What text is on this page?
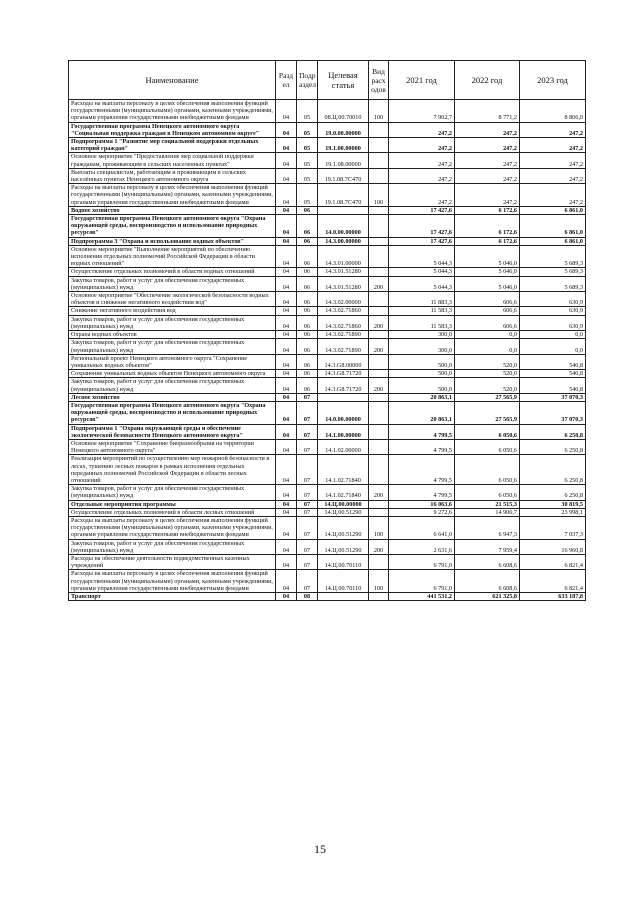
Наименование	Разд ел	Подр аздел	Целевая статья	Вид расх одов	2021 год	2022 год	2023 год
Расходы на выплаты персоналу в целях обеспечения выполнения функций государственными (муниципальными) органами, казенными учреждениями, органами управления государственными внебюджетными фондами	04	05	08.Ц.00.70010	100	7 902,7	8 771,2	8 806,0
Государственная программа Ненецкого автономного округа "Социальная поддержка граждан в Ненецком автономном округе"	04	05	19.0.00.00000		247,2	247,2	247,2
Подпрограмма 1 "Развитие мер социальной поддержки отдельных категорий граждан"	04	05	19.1.00.00000		247,2	247,2	247,2
Основное мероприятие "Предоставление мер социальной поддержки гражданам, проживающим в сельских населенных пунктах"	04	05	19.1.08.00000		247,2	247,2	247,2
Выплаты специалистам, работающим и проживающим в сельских населённых пунктах Ненецкого автономного округа	04	05	19.1.08.7С470		247,2	247,2	247,2
Расходы на выплаты персоналу в целях обеспечения выполнения функций государственными (муниципальными) органами, казенными учреждениями, органами управления государственными внебюджетными фондами	04	05	19.1.08.7С470	100	247,2	247,2	247,2
Водное хозяйство	04	06			17 427,6	6 172,6	6 861,0
Государственная программа Ненецкого автономного округа "Охрана окружающей среды, воспроизводство и использование природных ресурсов"	04	06	14.0.00.00000		17 427,6	6 172,6	6 861,0
Подпрограмма 3 "Охрана и использование водных объектов"	04	06	14.3.00.00000		17 427,6	6 172,6	6 861,0
Основное мероприятие "Выполнение мероприятий по обеспечению исполнения отдельных полномочий Российской Федерации в области водных отношений"	04	06	14.3.01.00000		5 044,3	5 046,0	5 689,3
Осуществление отдельных полномочий в области водных отношений	04	06	14.3.01.51280		5 044,3	5 046,0	5 689,3
Закупка товаров, работ и услуг для обеспечения государственных (муниципальных) нужд	04	06	14.3.01.51280	200	5 044,3	5 046,0	5 689,3
Основное мероприятие "Обеспечение экологической безопасности водных объектов и снижение негативного воздействия вод"	04	06	14.3.02.00000		11 883,3	606,6	630,9
Снижение негативного воздействия вод	04	06	14.3.02.71860		11 583,3	606,6	630,9
Закупка товаров, работ и услуг для обеспечения государственных (муниципальных) нужд	04	06	14.3.02.71860	200	11 583,3	606,6	630,9
Охрана водных объектов	04	06	14.3.02.71890		300,0	0,0	0,0
Закупка товаров, работ и услуг для обеспечения государственных (муниципальных) нужд	04	06	14.3.02.71890	200	300,0	0,0	0,0
Региональный проект Ненецкого автономного округа "Сохранение уникальных водных объектов"	04	06	14.3.G8.00000		500,0	520,0	540,8
Сохранение уникальных водных объектов Ненецкого автономного округа	04	06	14.3.G8.71720		500,0	520,0	540,8
Закупка товаров, работ и услуг для обеспечения государственных (муниципальных) нужд	04	06	14.3.G8.71720	200	500,0	520,0	540,8
Лесное хозяйство	04	07			20 863,1	27 565,9	37 070,3
Государственная программа Ненецкого автономного округа "Охрана окружающей среды, воспроизводство и использование природных ресурсов"	04	07	14.0.00.00000		20 863,1	27 565,9	37 070,3
Подпрограмма 1 "Охрана окружающей среды и обеспечение экологической безопасности Ненецкого автономного округа"	04	07	14.1.00.00000		4 799,5	6 050,6	6 250,8
Основное мероприятие "Сохранение биоразнообразия на территории Ненецкого автономного округа"	04	07	14.1.02.00000		4 799,5	6 050,6	6 250,8
Реализация мероприятий по осуществлению мер пожарной безопасности в лесах, тушению лесных пожаров в рамках исполнения отдельных переданных полномочий Российской Федерации в области лесных отношений	04	07	14.1.02.71840		4 799,5	6 050,6	6 250,8
Закупка товаров, работ и услуг для обеспечения государственных (муниципальных) нужд	04	07	14.1.02.71840	200	4 799,5	6 050,6	6 250,8
Отдельные мероприятия программы	04	07	14.Ц.00.00000		16 063,6	21 515,3	30 819,5
Осуществление отдельных полномочий в области лесных отношений	04	07	14.Ц.00.51290		9 272,6	14 906,7	23 998,1
Расходы на выплаты персоналу в целях обеспечения выполнения функций государственными (муниципальными) органами, казенными учреждениями, органами управления государственными внебюджетными фондами	04	07	14.Ц.00.51290	100	6 641,0	6 947,3	7 037,3
Закупка товаров, работ и услуг для обеспечения государственных (муниципальных) нужд	04	07	14.Ц.00.51290	200	2 631,6	7 959,4	16 960,8
Расходы на обеспечение деятельности подведомственных казенных учреждений	04	07	14.Ц.00.70110		6 791,0	6 608,6	6 821,4
Расходы на выплаты персоналу в целях обеспечения выполнения функций государственными (муниципальными) органами, казенными учреждениями, органами управления государственными внебюджетными фондами	04	07	14.Ц.00.70110	100	6 791,0	6 608,6	6 821,4
Транспорт	04	08			441 531,2	621 325,8	633 187,8
15
